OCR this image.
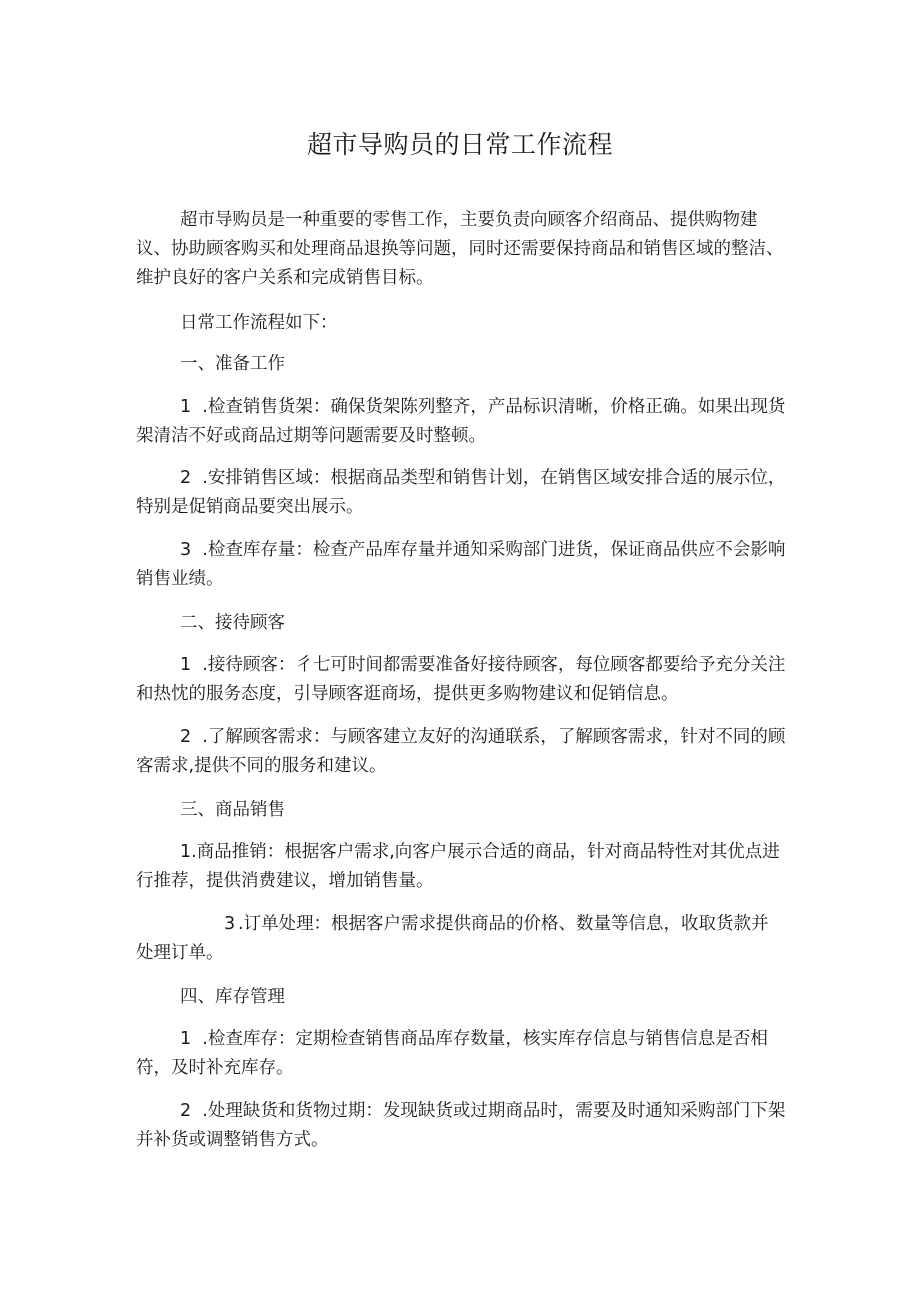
超市导购员的日常工作流程

超市导购员是一种重要的零售工作，主要负责向顾客介绍商品、提供购物建议、协助顾客购买和处理商品退换等问题，同时还需要保持商品和销售区域的整洁、维护良好的客户关系和完成销售目标。

日常工作流程如下：

一、准备工作

1 .检查销售货架：确保货架陈列整齐，产品标识清晰，价格正确。如果出现货架清洁不好或商品过期等问题需要及时整顿。

2 .安排销售区域：根据商品类型和销售计划，在销售区域安排合适的展示位，特别是促销商品要突出展示。

3 .检查库存量：检查产品库存量并通知采购部门进货，保证商品供应不会影响销售业绩。

二、接待顾客

1 .接待顾客：彳七可时间都需要准备好接待顾客，每位顾客都要给予充分关注和热忱的服务态度，引导顾客逛商场，提供更多购物建议和促销信息。

2 .了解顾客需求：与顾客建立友好的沟通联系，了解顾客需求，针对不同的顾客需求,提供不同的服务和建议。

三、商品销售

1.商品推销：根据客户需求,向客户展示合适的商品，针对商品特性对其优点进行推荐，提供消费建议，增加销售量。

3 .订单处理：根据客户需求提供商品的价格、数量等信息，收取货款并处理订单。

四、库存管理

1 .检查库存：定期检查销售商品库存数量，核实库存信息与销售信息是否相符，及时补充库存。

2 .处理缺货和货物过期：发现缺货或过期商品时，需要及时通知采购部门下架并补货或调整销售方式。
